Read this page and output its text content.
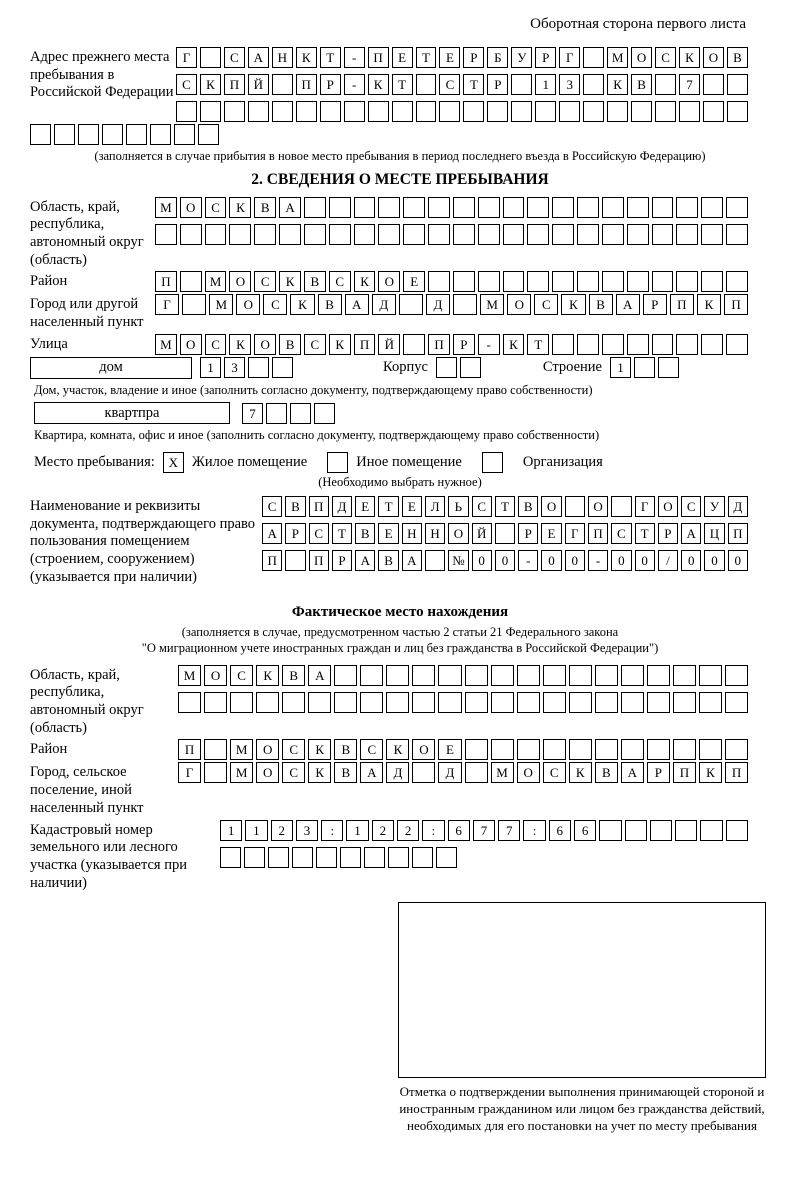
Оборотная сторона первого листа
Адрес прежнего места пребывания в Российской Федерации
Г	С	А	Н	К	Т	-	П	Е	Т	Е	Р	Б	У	Р	Г	М	О	С	К	О	В
С	К	П	Й	П	Р	-	К	Т	С	Т	Р	1	3	К	В	7
(заполняется в случае прибытия в новое место пребывания в период последнего въезда в Российскую Федерацию)
2. СВЕДЕНИЯ О МЕСТЕ ПРЕБЫВАНИЯ
Область, край, республика, автономный округ (область)
М	О	С	К	В	А
Район	П	М	О	С	К	В	С	К	О	Е
Город или другой населенный пункт
Г	М	О	С	К	В	А	Д	Д	М	О	С	К	В	А	Р	П	К	П
Улица	М	О	С	К	О	В	С	К	П	Й	П	Р	-	К	Т
дом	1	3	Корпус	Строение	1
Дом, участок, владение и иное (заполнить согласно документу, подтверждающему право собственности)
квартпра	7
Квартира, комната, офис и иное (заполнить согласно документу, подтверждающему право собственности)
Место пребывания:	X Жилое помещение	Иное помещение	Организация
(Необходимо выбрать нужное)
Наименование и реквизиты документа, подтверждающего право пользования помещением (строением, сооружением) (указывается при наличии)
С	В	П	Д	Е	Т	Е	Л	Ь	С	Т	В	О	О	Г	О	С	У	Д
А	Р	С	Т	В	Е	Н	Н	О	Й	Р	Е	Г	П	С	Т	Р	А	Ц	П
П	П	Р	А	В	А	№	0	0	-	0	0	-	0	0	/	0	0	0
Фактическое место нахождения
(заполняется в случае, предусмотренном частью 2 статьи 21 Федерального закона
"О миграционном учете иностранных граждан и лиц без гражданства в Российской Федерации")
Область, край, республика, автономный округ (область)
М	О	С	К	В	А
Район	П	М	О	С	К	В	С	К	О	Е
Город, сельское поселение, иной населенный пункт
Г	М	О	С	К	В	А	Д	Д	М	О	С	К	В	А	Р	П	К	П
Кадастровый номер земельного или лесного участка (указывается при наличии)
1	1	2	3	:	1	2	2	:	6	7	7	:	6	6
Отметка о подтверждении выполнения принимающей стороной и иностранным гражданином или лицом без гражданства действий, необходимых для его постановки на учет по месту пребывания
